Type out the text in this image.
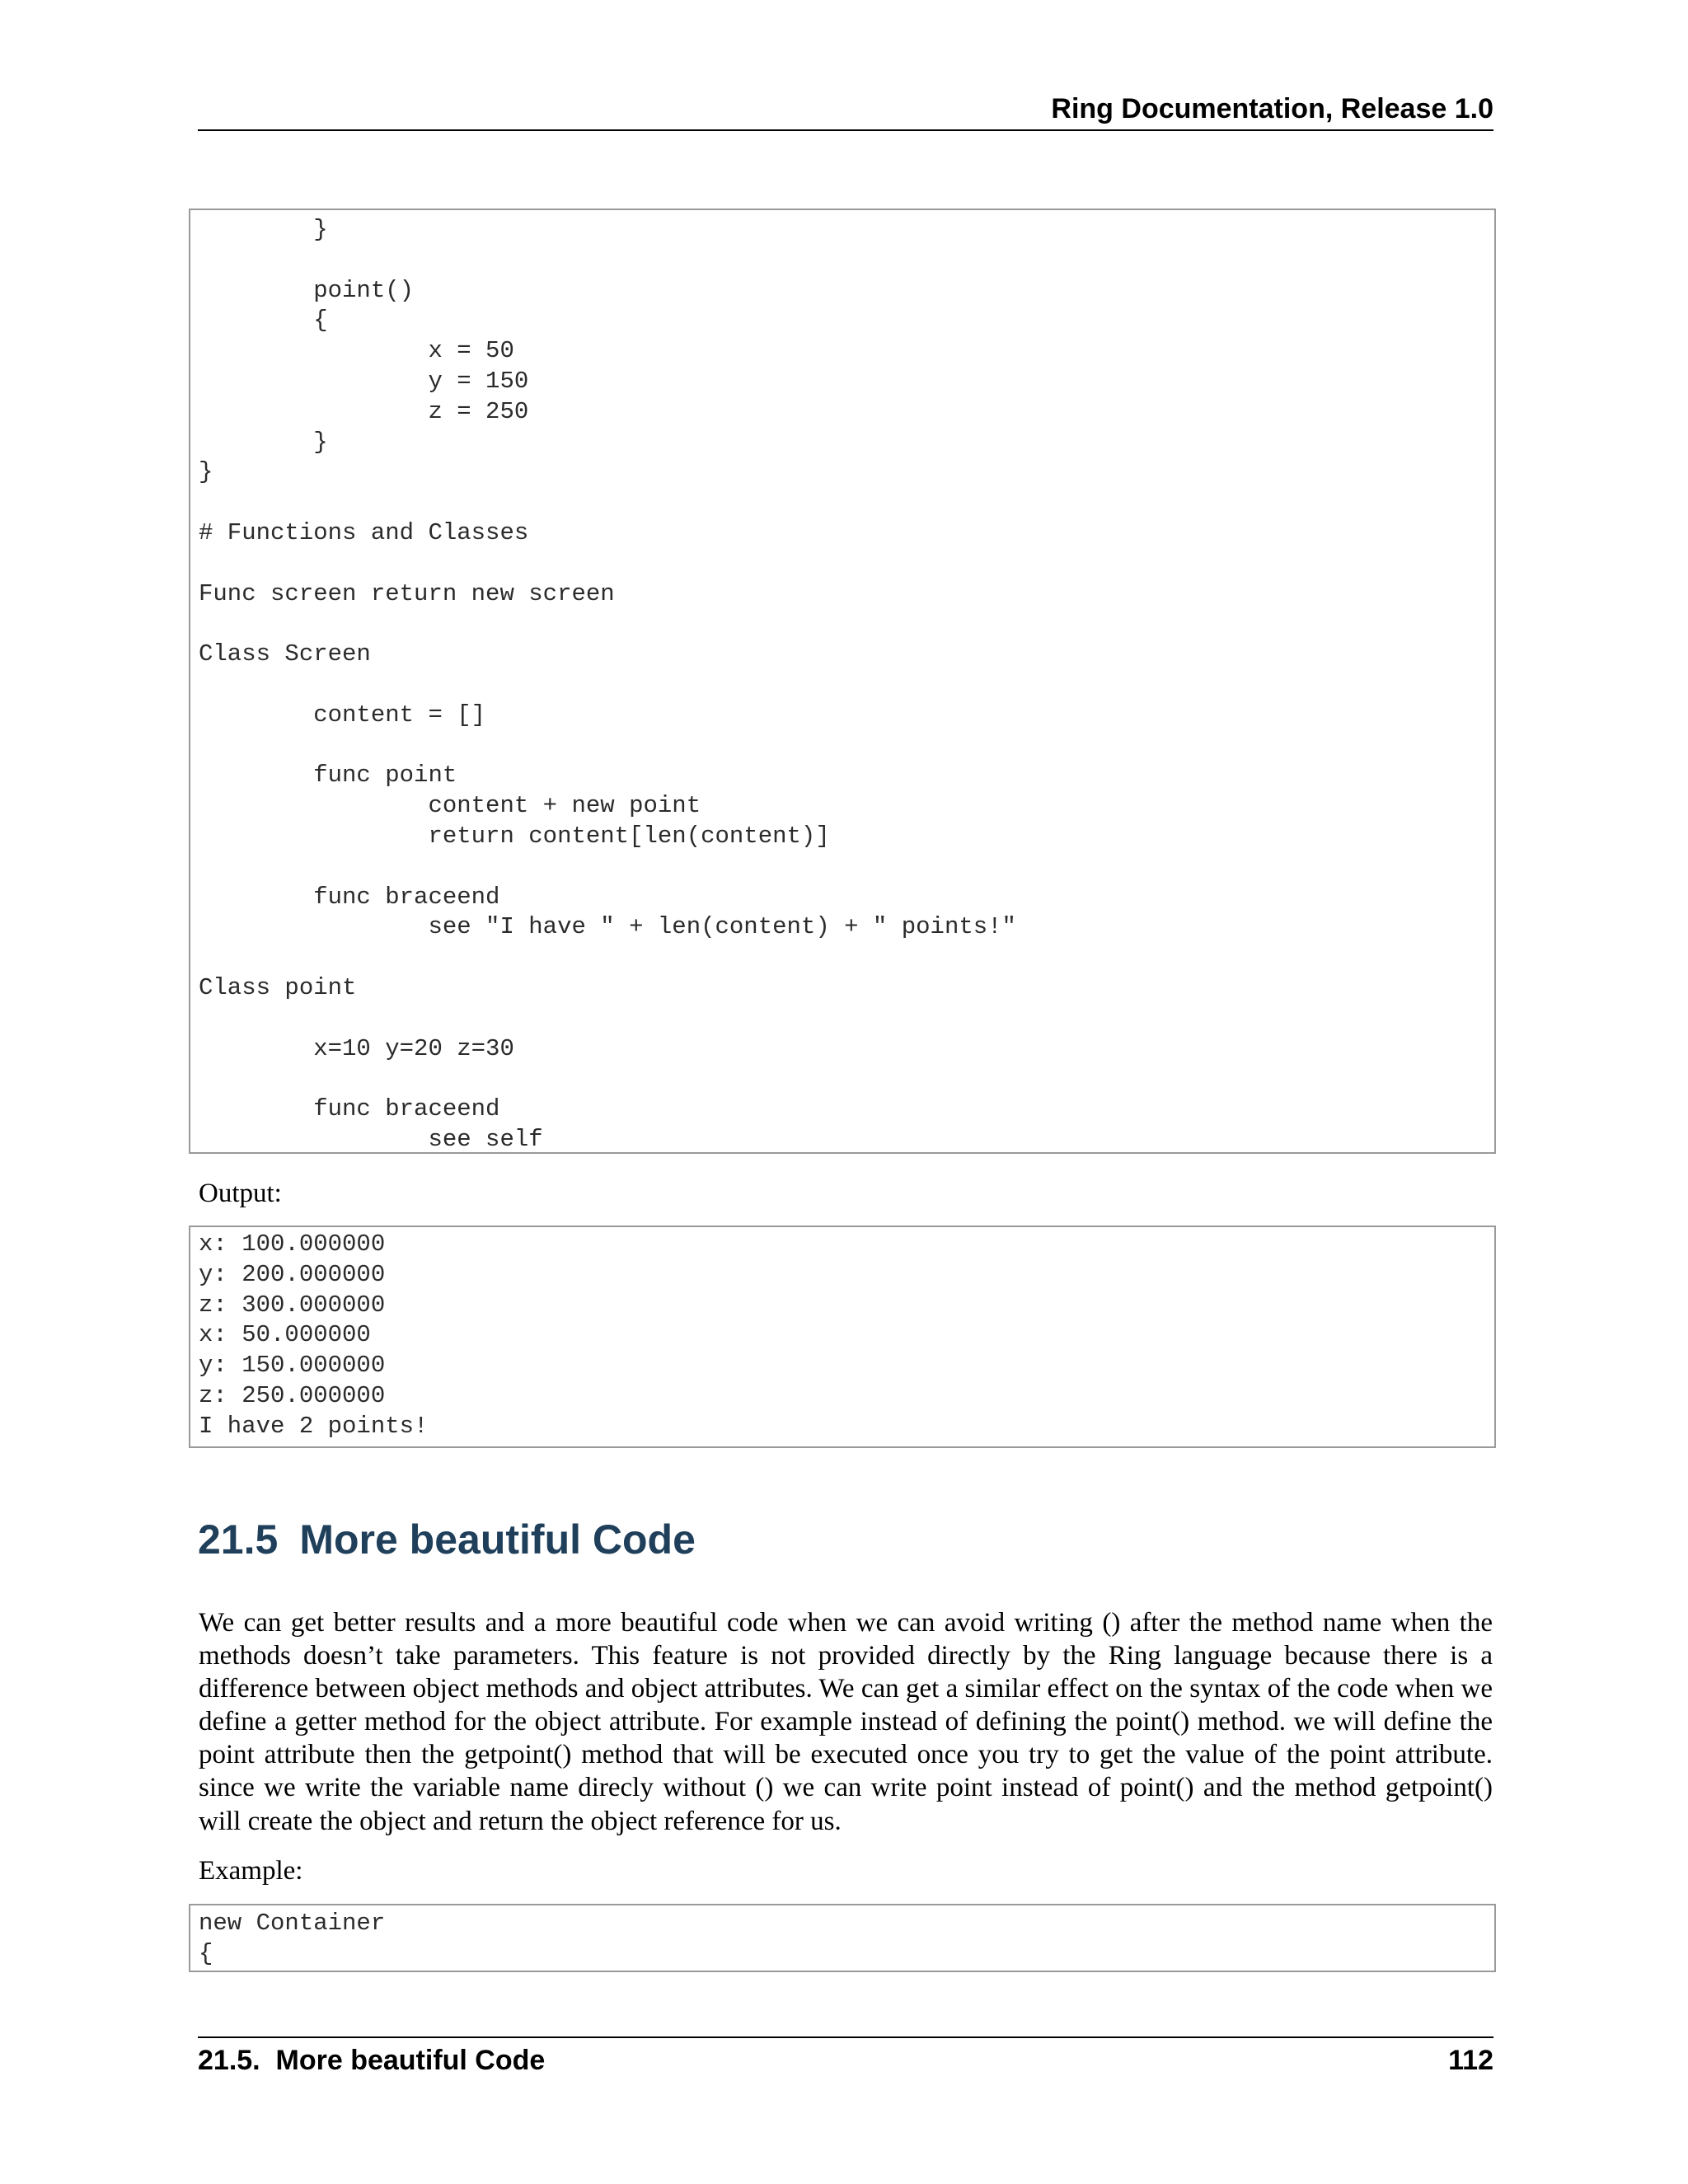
Ring Documentation, Release 1.0
}

point()
{
x = 50
y = 150
z = 250
}
}

# Functions and Classes

Func screen return new screen

Class Screen

content = []

func point
content + new point
return content[len(content)]

func braceend
see "I have " + len(content) + " points!"

Class point

x=10 y=20 z=30

func braceend
see self
Output:
x: 100.000000
y: 200.000000
z: 300.000000
x: 50.000000
y: 150.000000
z: 250.000000
I have 2 points!
21.5 More beautiful Code

We can get better results and a more beautiful code when we can avoid writing () after the method name when the methods doesn’t take parameters. This feature is not provided directly by the Ring language because there is a difference between object methods and object attributes. We can get a similar effect on the syntax of the code when we define a getter method for the object attribute. For example instead of defining the point() method. we will define the point attribute then the getpoint() method that will be executed once you try to get the value of the point attribute. since we write the variable name direcly without () we can write point instead of point() and the method getpoint() will create the object and return the object reference for us.

Example:
new Container
{
21.5.  More beautiful Code	112
